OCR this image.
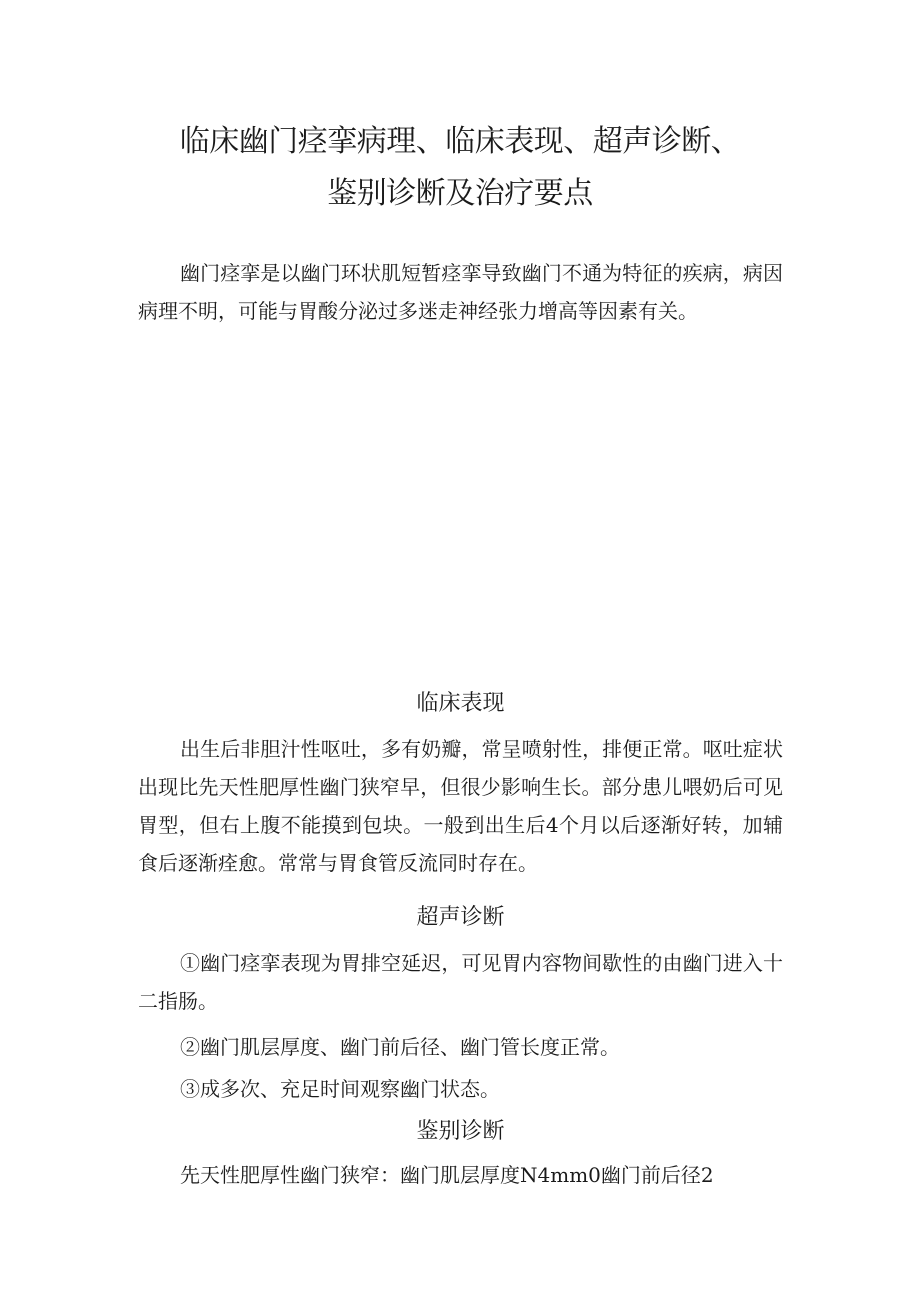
临床幽门痉挛病理、临床表现、超声诊断、
鉴别诊断及治疗要点

幽门痉挛是以幽门环状肌短暂痉挛导致幽门不通为特征的疾病，病因病理不明，可能与胃酸分泌过多迷走神经张力增高等因素有关。

临床表现

出生后非胆汁性呕吐，多有奶瓣，常呈喷射性，排便正常。呕吐症状出现比先天性肥厚性幽门狭窄早，但很少影响生长。部分患儿喂奶后可见胃型，但右上腹不能摸到包块。一般到出生后4个月以后逐渐好转，加辅食后逐渐痊愈。常常与胃食管反流同时存在。

超声诊断

①幽门痉挛表现为胃排空延迟，可见胃内容物间歇性的由幽门进入十二指肠。

②幽门肌层厚度、幽门前后径、幽门管长度正常。

③成多次、充足时间观察幽门状态。

鉴别诊断

先天性肥厚性幽门狭窄：幽门肌层厚度N4mm0幽门前后径2
